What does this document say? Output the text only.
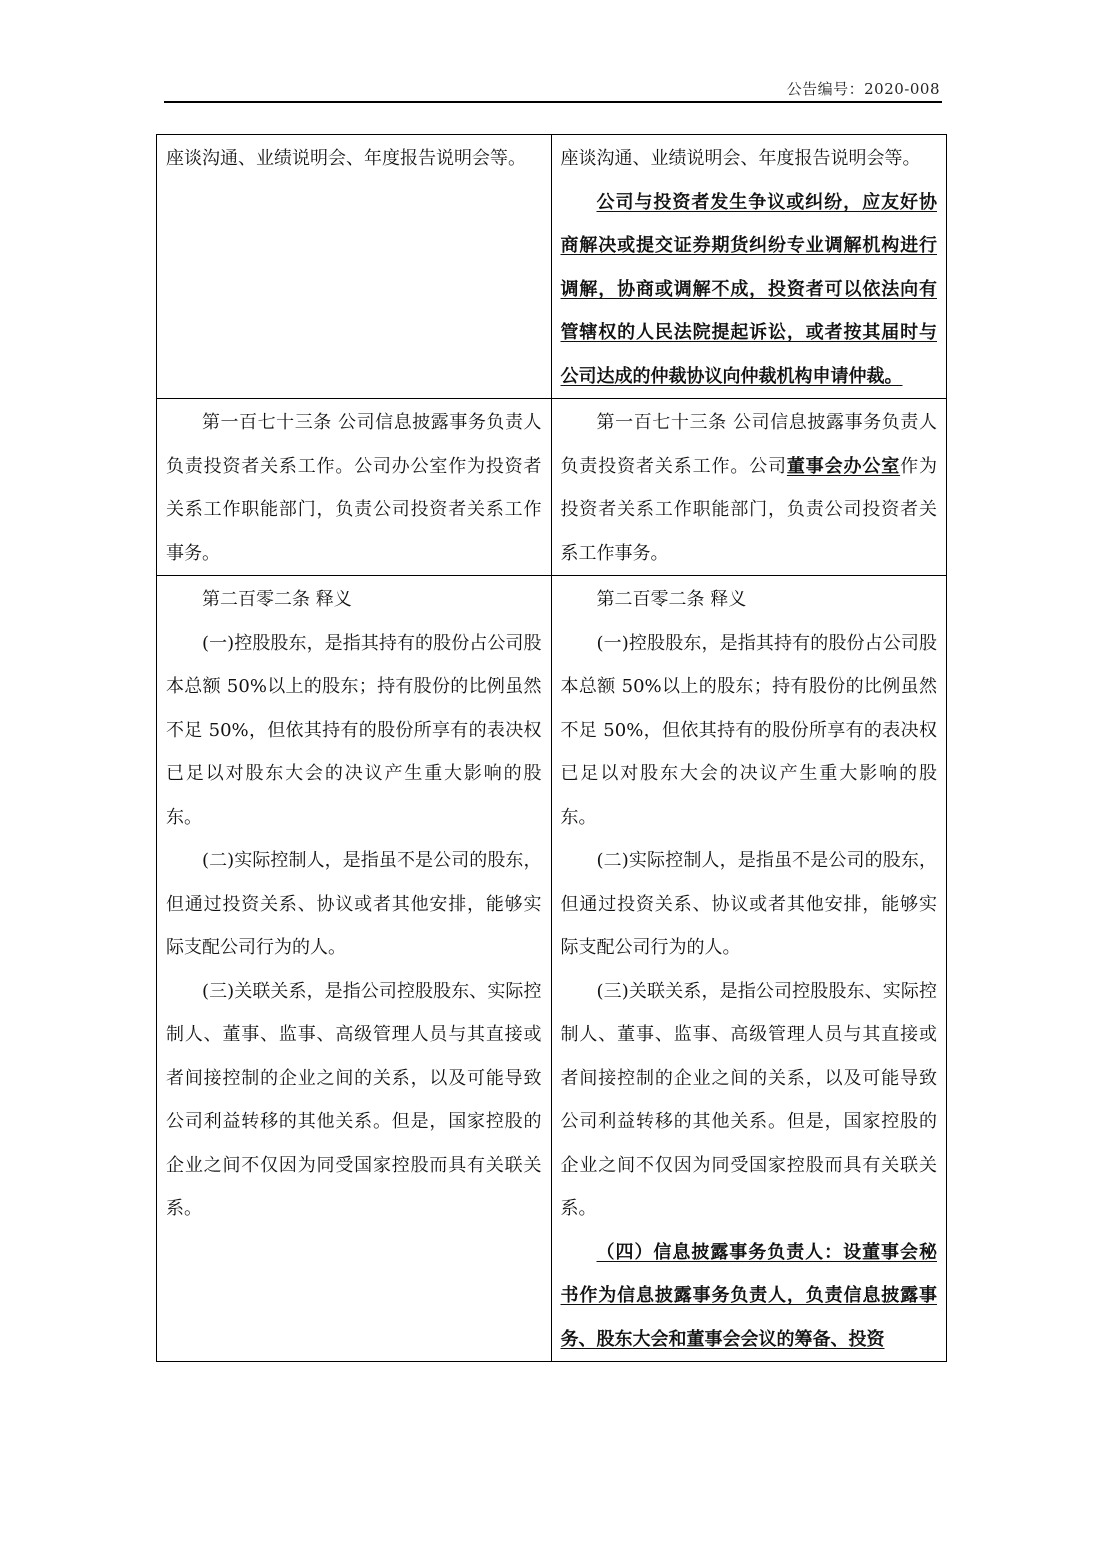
公告编号：2020-008

座谈沟通、业绩说明会、年度报告说明会等。	座谈沟通、业绩说明会、年度报告说明会等。

公司与投资者发生争议或纠纷，应友好协商解决或提交证券期货纠纷专业调解机构进行调解，协商或调解不成，投资者可以依法向有管辖权的人民法院提起诉讼，或者按其届时与公司达成的仲裁协议向仲裁机构申请仲裁。

第一百七十三条 公司信息披露事务负责人负责投资者关系工作。公司办公室作为投资者关系工作职能部门，负责公司投资者关系工作事务。

第一百七十三条 公司信息披露事务负责人负责投资者关系工作。公司董事会办公室作为投资者关系工作职能部门，负责公司投资者关系工作事务。

第二百零二条 释义

(一)控股股东，是指其持有的股份占公司股本总额 50%以上的股东；持有股份的比例虽然不足 50%，但依其持有的股份所享有的表决权已足以对股东大会的决议产生重大影响的股东。

(二)实际控制人，是指虽不是公司的股东，但通过投资关系、协议或者其他安排，能够实际支配公司行为的人。

(三)关联关系，是指公司控股股东、实际控制人、董事、监事、高级管理人员与其直接或者间接控制的企业之间的关系，以及可能导致公司利益转移的其他关系。但是，国家控股的企业之间不仅因为同受国家控股而具有关联关系。

第二百零二条 释义

(一)控股股东，是指其持有的股份占公司股本总额 50%以上的股东；持有股份的比例虽然不足 50%，但依其持有的股份所享有的表决权已足以对股东大会的决议产生重大影响的股东。

(二)实际控制人，是指虽不是公司的股东，但通过投资关系、协议或者其他安排，能够实际支配公司行为的人。

(三)关联关系，是指公司控股股东、实际控制人、董事、监事、高级管理人员与其直接或者间接控制的企业之间的关系，以及可能导致公司利益转移的其他关系。但是，国家控股的企业之间不仅因为同受国家控股而具有关联关系。

（四）信息披露事务负责人：设董事会秘书作为信息披露事务负责人，负责信息披露事务、股东大会和董事会会议的筹备、投资
